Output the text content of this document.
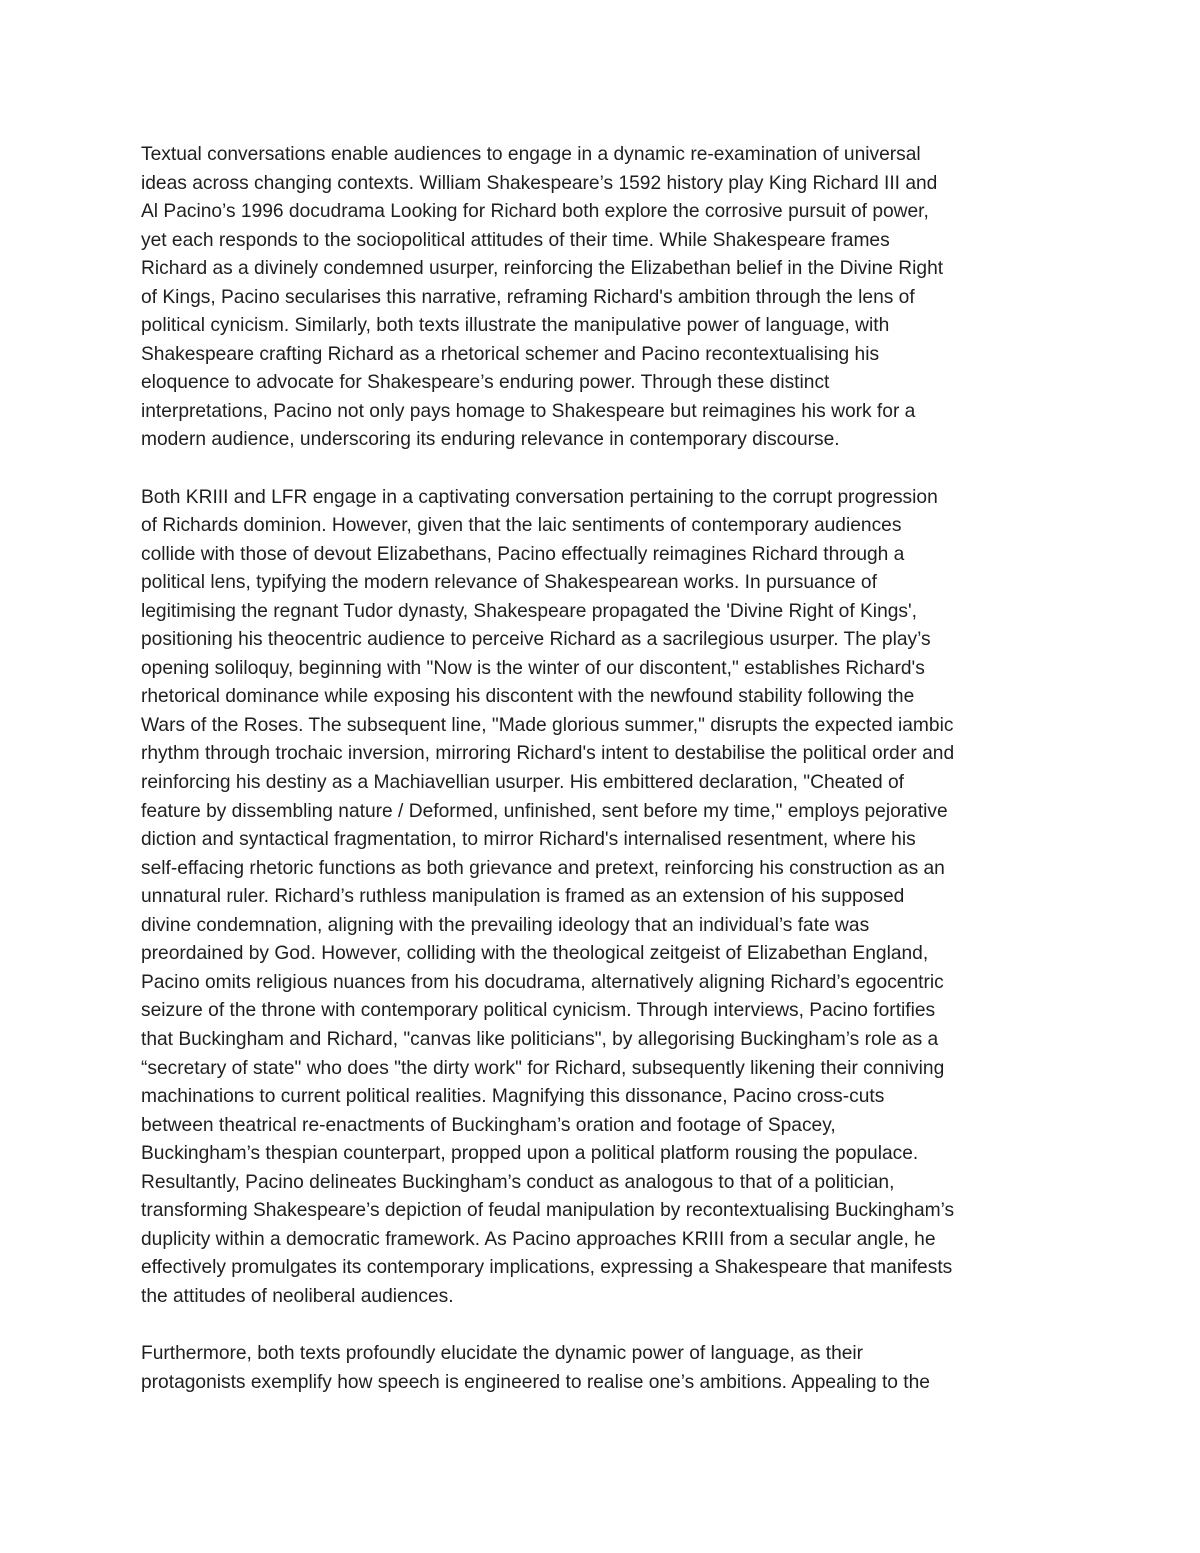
Textual conversations enable audiences to engage in a dynamic re-examination of universal
ideas across changing contexts. William Shakespeare’s 1592 history play King Richard III and
Al Pacino’s 1996 docudrama Looking for Richard both explore the corrosive pursuit of power,
yet each responds to the sociopolitical attitudes of their time. While Shakespeare frames
Richard as a divinely condemned usurper, reinforcing the Elizabethan belief in the Divine Right
of Kings, Pacino secularises this narrative, reframing Richard's ambition through the lens of
political cynicism. Similarly, both texts illustrate the manipulative power of language, with
Shakespeare crafting Richard as a rhetorical schemer and Pacino recontextualising his
eloquence to advocate for Shakespeare’s enduring power. Through these distinct
interpretations, Pacino not only pays homage to Shakespeare but reimagines his work for a
modern audience, underscoring its enduring relevance in contemporary discourse.
Both KRIII and LFR engage in a captivating conversation pertaining to the corrupt progression
of Richards dominion. However, given that the laic sentiments of contemporary audiences
collide with those of devout Elizabethans, Pacino effectually reimagines Richard through a
political lens, typifying the modern relevance of Shakespearean works. In pursuance of
legitimising the regnant Tudor dynasty, Shakespeare propagated the 'Divine Right of Kings',
positioning his theocentric audience to perceive Richard as a sacrilegious usurper. The play’s
opening soliloquy, beginning with "Now is the winter of our discontent," establishes Richard's
rhetorical dominance while exposing his discontent with the newfound stability following the
Wars of the Roses. The subsequent line, "Made glorious summer," disrupts the expected iambic
rhythm through trochaic inversion, mirroring Richard's intent to destabilise the political order and
reinforcing his destiny as a Machiavellian usurper. His embittered declaration, "Cheated of
feature by dissembling nature / Deformed, unfinished, sent before my time," employs pejorative
diction and syntactical fragmentation, to mirror Richard's internalised resentment, where his
self-effacing rhetoric functions as both grievance and pretext, reinforcing his construction as an
unnatural ruler. Richard’s ruthless manipulation is framed as an extension of his supposed
divine condemnation, aligning with the prevailing ideology that an individual’s fate was
preordained by God. However, colliding with the theological zeitgeist of Elizabethan England,
Pacino omits religious nuances from his docudrama, alternatively aligning Richard’s egocentric
seizure of the throne with contemporary political cynicism. Through interviews, Pacino fortifies
that Buckingham and Richard, "canvas like politicians", by allegorising Buckingham’s role as a
“secretary of state" who does "the dirty work" for Richard, subsequently likening their conniving
machinations to current political realities. Magnifying this dissonance, Pacino cross-cuts
between theatrical re-enactments of Buckingham’s oration and footage of Spacey,
Buckingham’s thespian counterpart, propped upon a political platform rousing the populace.
Resultantly, Pacino delineates Buckingham’s conduct as analogous to that of a politician,
transforming Shakespeare’s depiction of feudal manipulation by recontextualising Buckingham’s
duplicity within a democratic framework. As Pacino approaches KRIII from a secular angle, he
effectively promulgates its contemporary implications, expressing a Shakespeare that manifests
the attitudes of neoliberal audiences.
Furthermore, both texts profoundly elucidate the dynamic power of language, as their
protagonists exemplify how speech is engineered to realise one’s ambitions. Appealing to the
